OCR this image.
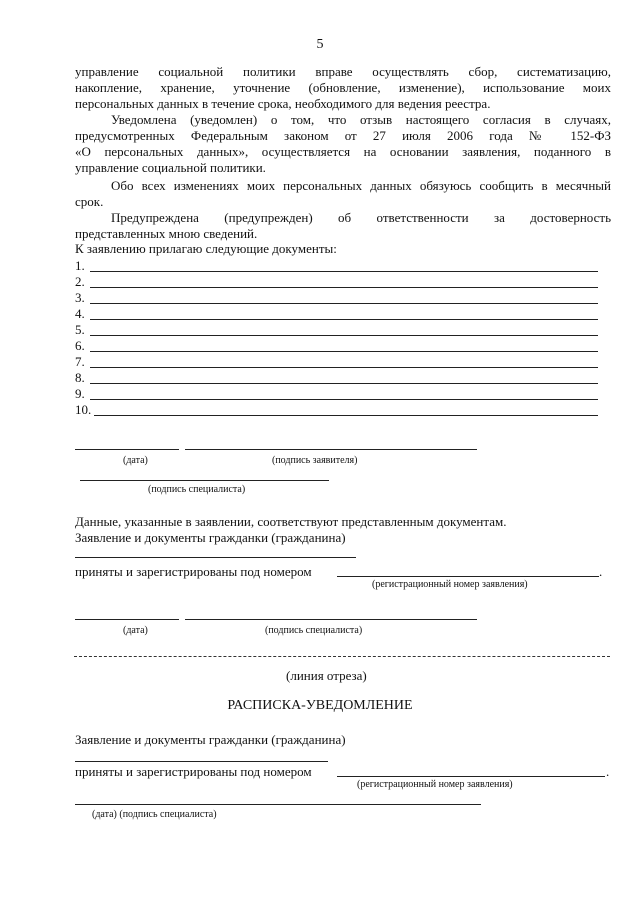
5
управление социальной политики вправе осуществлять сбор, систематизацию,
накопление, хранение, уточнение (обновление, изменение), использование моих
персональных данных в течение срока, необходимого для ведения реестра.
Уведомлена (уведомлен) о том, что отзыв настоящего согласия в случаях,
предусмотренных Федеральным законом от 27 июля 2006 года № 152-ФЗ
«О персональных данных», осуществляется на основании заявления, поданного в
управление социальной политики.
Обо всех изменениях моих персональных данных обязуюсь сообщить в месячный
срок.
Предупреждена (предупрежден) об ответственности за достоверность
представленных мною сведений.
К заявлению прилагаю следующие документы:
1.
2.
3.
4.
5.
6.
7.
8.
9.
10.
(дата)	(подпись заявителя)
(подпись специалиста)
Данные, указанные в заявлении, соответствуют представленным документам.
Заявление и документы гражданки (гражданина)
приняты и зарегистрированы под номером	.
(регистрационный номер заявления)
(дата)	(подпись специалиста)
(линия отреза)
РАСПИСКА-УВЕДОМЛЕНИЕ
Заявление и документы гражданки (гражданина)
приняты и зарегистрированы под номером	.
(регистрационный номер заявления)
(дата) (подпись специалиста)
